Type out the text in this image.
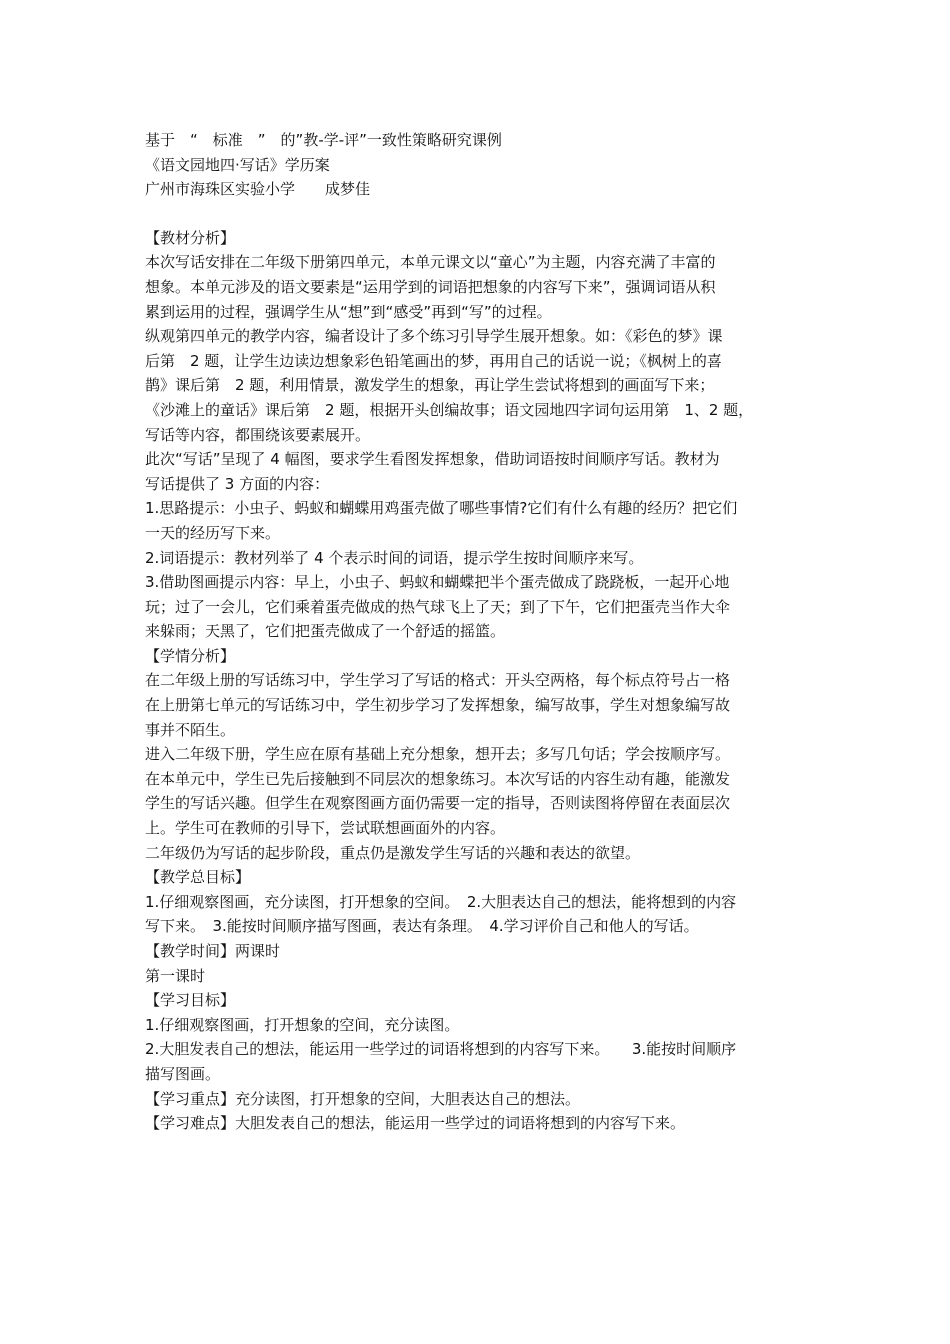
基于　“　标准　”　的”教-学-评”一致性策略研究课例

《语文园地四·写话》学历案

广州市海珠区实验小学　　成梦佳

【教材分析】

本次写话安排在二年级下册第四单元，本单元课文以“童心”为主题，内容充满了丰富的

想象。本单元涉及的语文要素是“运用学到的词语把想象的内容写下来”，强调词语从积

累到运用的过程，强调学生从“想”到“感受”再到“写”的过程。

纵观第四单元的教学内容，编者设计了多个练习引导学生展开想象。如：《彩色的梦》课

后第　2 题，让学生边读边想象彩色铅笔画出的梦，再用自己的话说一说；《枫树上的喜

鹊》课后第　2 题，利用情景，激发学生的想象，再让学生尝试将想到的画面写下来；

《沙滩上的童话》课后第　2 题，根据开头创编故事；语文园地四字词句运用第　1、2 题，

写话等内容，都围绕该要素展开。

此次“写话”呈现了 4 幅图，要求学生看图发挥想象，借助词语按时间顺序写话。教材为

写话提供了 3 方面的内容：

1.思路提示：小虫子、蚂蚁和蝴蝶用鸡蛋壳做了哪些事情?它们有什么有趣的经历？把它们

一天的经历写下来。

2.词语提示：教材列举了 4 个表示时间的词语，提示学生按时间顺序来写。

3.借助图画提示内容：早上，小虫子、蚂蚁和蝴蝶把半个蛋壳做成了跷跷板，一起开心地

玩；过了一会儿，它们乘着蛋壳做成的热气球飞上了天；到了下午，它们把蛋壳当作大伞

来躲雨；天黑了，它们把蛋壳做成了一个舒适的摇篮。

【学情分析】

在二年级上册的写话练习中，学生学习了写话的格式：开头空两格，每个标点符号占一格

在上册第七单元的写话练习中，学生初步学习了发挥想象，编写故事，学生对想象编写故

事并不陌生。

进入二年级下册，学生应在原有基础上充分想象，想开去；多写几句话；学会按顺序写。

在本单元中，学生已先后接触到不同层次的想象练习。本次写话的内容生动有趣，能激发

学生的写话兴趣。但学生在观察图画方面仍需要一定的指导，否则读图将停留在表面层次

上。学生可在教师的引导下，尝试联想画面外的内容。

二年级仍为写话的起步阶段，重点仍是激发学生写话的兴趣和表达的欲望。

【教学总目标】

1.仔细观察图画，充分读图，打开想象的空间。　2.大胆表达自己的想法，能将想到的内容

写下来。　3.能按时间顺序描写图画，表达有条理。　4.学习评价自己和他人的写话。

【教学时间】两课时

第一课时

【学习目标】

1.仔细观察图画，打开想象的空间，充分读图。

2.大胆发表自己的想法，能运用一些学过的词语将想到的内容写下来。　　3.能按时间顺序

描写图画。

【学习重点】充分读图，打开想象的空间，大胆表达自己的想法。

【学习难点】大胆发表自己的想法，能运用一些学过的词语将想到的内容写下来。
